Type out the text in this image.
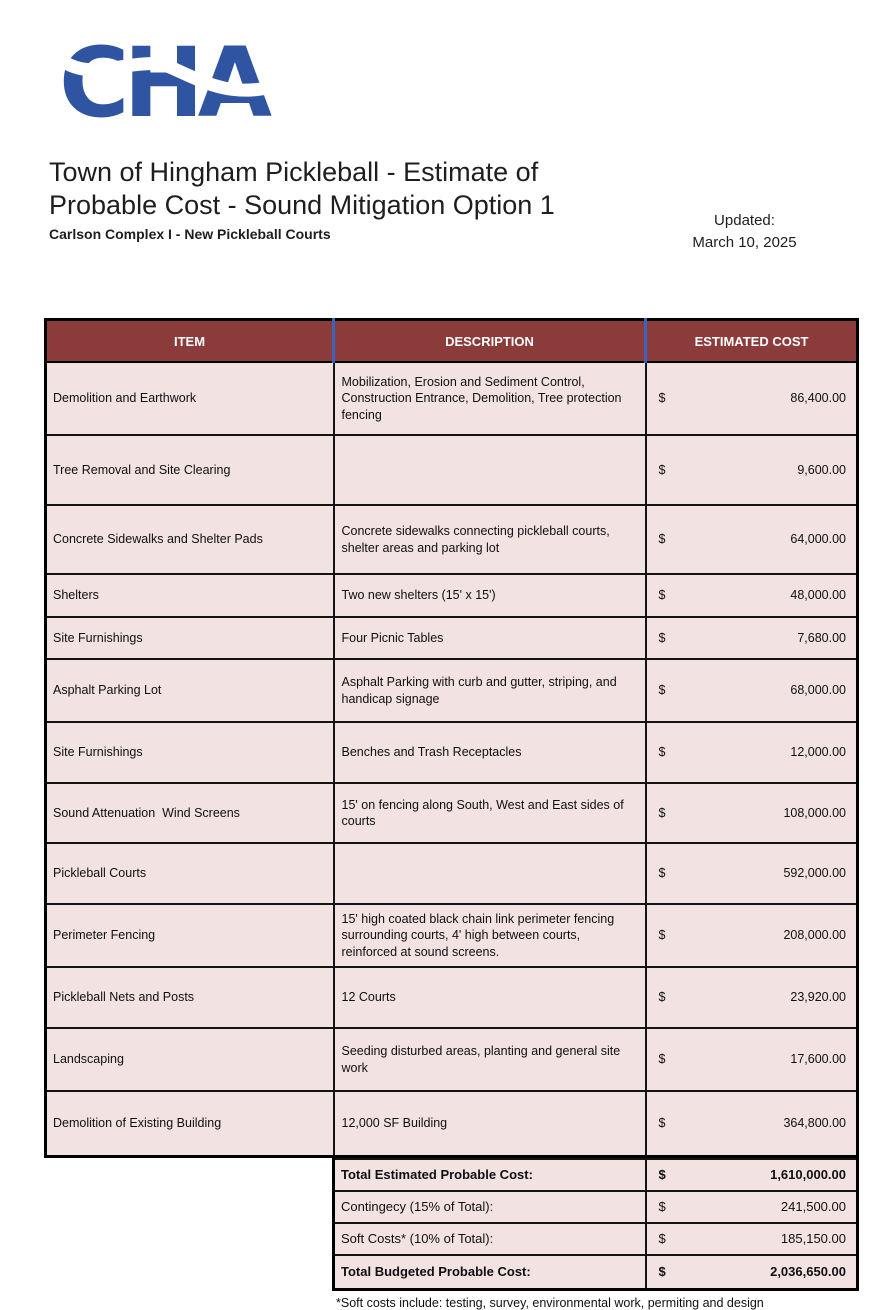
CHA
Town of Hingham Pickleball - Estimate of
Probable Cost - Sound Mitigation Option 1
Carlson Complex I - New Pickleball Courts
Updated:
March 10, 2025
ITEM	DESCRIPTION	ESTIMATED COST
Demolition and Earthwork	Mobilization, Erosion and Sediment Control, Construction Entrance, Demolition, Tree protection fencing	$ 86,400.00

Tree Removal and Site Clearing		$ 9,600.00

Concrete Sidewalks and Shelter Pads	Concrete sidewalks connecting pickleball courts, shelter areas and parking lot	$ 64,000.00

Shelters	Two new shelters (15' x 15')	$ 48,000.00

Site Furnishings	Four Picnic Tables	$ 7,680.00

Asphalt Parking Lot	Asphalt Parking with curb and gutter, striping, and handicap signage	$ 68,000.00

Site Furnishings	Benches and Trash Receptacles	$ 12,000.00

Sound Attenuation  Wind Screens	15' on fencing along South, West and East sides of courts	$ 108,000.00

Pickleball Courts		$ 592,000.00

Perimeter Fencing	15' high coated black chain link perimeter fencing surrounding courts, 4' high between courts, reinforced at sound screens.	$ 208,000.00

Pickleball Nets and Posts	12 Courts	$ 23,920.00

Landscaping	Seeding disturbed areas, planting and general site work	$ 17,600.00

Demolition of Existing Building	12,000 SF Building	$ 364,800.00
Total Estimated Probable Cost:	$ 1,610,000.00

Contingecy (15% of Total):	$ 241,500.00

Soft Costs* (10% of Total):	$ 185,150.00

Total Budgeted Probable Cost:	$ 2,036,650.00
*Soft costs include: testing, survey, environmental work, permiting and design
